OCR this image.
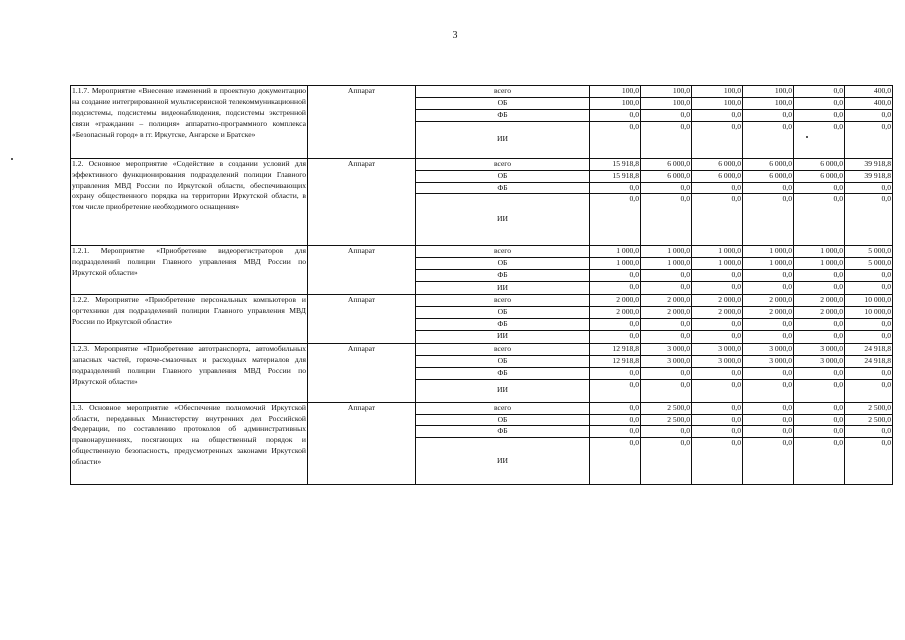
3
1.1.7. Мероприятие «Внесение изменений в проектную документацию на создание интегрированной мультисервисной телекоммуникационной подсистемы, подсистемы видеонаблюдения, подсистемы экстренной связи «гражданин – полиция» аппаратно-программного комплекса «Безопасный город» в гг. Иркутске, Ангарске и Братске»	Аппарат	всего	100,0	100,0	100,0	100,0	0,0	400,0
		ОБ	100,0	100,0	100,0	100,0	0,0	400,0
		ФБ	0,0	0,0	0,0	0,0	0,0	0,0
		ИИ	0,0	0,0	0,0	0,0	0,0	0,0
1.2. Основное мероприятие «Содействие в создании условий для эффективного функционирования подразделений полиции Главного управления МВД России по Иркутской области, обеспечивающих охрану общественного порядка на территории Иркутской области, в том числе приобретение необходимого оснащения»	Аппарат	всего	15 918,8	6 000,0	6 000,0	6 000,0	6 000,0	39 918,8
		ОБ	15 918,8	6 000,0	6 000,0	6 000,0	6 000,0	39 918,8
		ФБ	0,0	0,0	0,0	0,0	0,0	0,0
		ИИ	0,0	0,0	0,0	0,0	0,0	0,0
1.2.1. Мероприятие «Приобретение видеорегистраторов для подразделений полиции Главного управления МВД России по Иркутской области»	Аппарат	всего	1 000,0	1 000,0	1 000,0	1 000,0	1 000,0	5 000,0
		ОБ	1 000,0	1 000,0	1 000,0	1 000,0	1 000,0	5 000,0
		ФБ	0,0	0,0	0,0	0,0	0,0	0,0
		ИИ	0,0	0,0	0,0	0,0	0,0	0,0
1.2.2. Мероприятие «Приобретение персональных компьютеров и оргтехники для подразделений полиции Главного управления МВД России по Иркутской области»	Аппарат	всего	2 000,0	2 000,0	2 000,0	2 000,0	2 000,0	10 000,0
		ОБ	2 000,0	2 000,0	2 000,0	2 000,0	2 000,0	10 000,0
		ФБ	0,0	0,0	0,0	0,0	0,0	0,0
		ИИ	0,0	0,0	0,0	0,0	0,0	0,0
1.2.3. Мероприятие «Приобретение автотранспорта, автомобильных запасных частей, горюче-смазочных и расходных материалов для подразделений полиции Главного управления МВД России по Иркутской области»	Аппарат	всего	12 918,8	3 000,0	3 000,0	3 000,0	3 000,0	24 918,8
		ОБ	12 918,8	3 000,0	3 000,0	3 000,0	3 000,0	24 918,8
		ФБ	0,0	0,0	0,0	0,0	0,0	0,0
		ИИ	0,0	0,0	0,0	0,0	0,0	0,0
1.3. Основное мероприятие «Обеспечение полномочий Иркутской области, переданных Министерству внутренних дел Российской Федерации, по составлению протоколов об административных правонарушениях, посягающих на общественный порядок и общественную безопасность, предусмотренных законами Иркутской области»	Аппарат	всего	0,0	2 500,0	0,0	0,0	0,0	2 500,0
		ОБ	0,0	2 500,0	0,0	0,0	0,0	2 500,0
		ФБ	0,0	0,0	0,0	0,0	0,0	0,0
		ИИ	0,0	0,0	0,0	0,0	0,0	0,0
